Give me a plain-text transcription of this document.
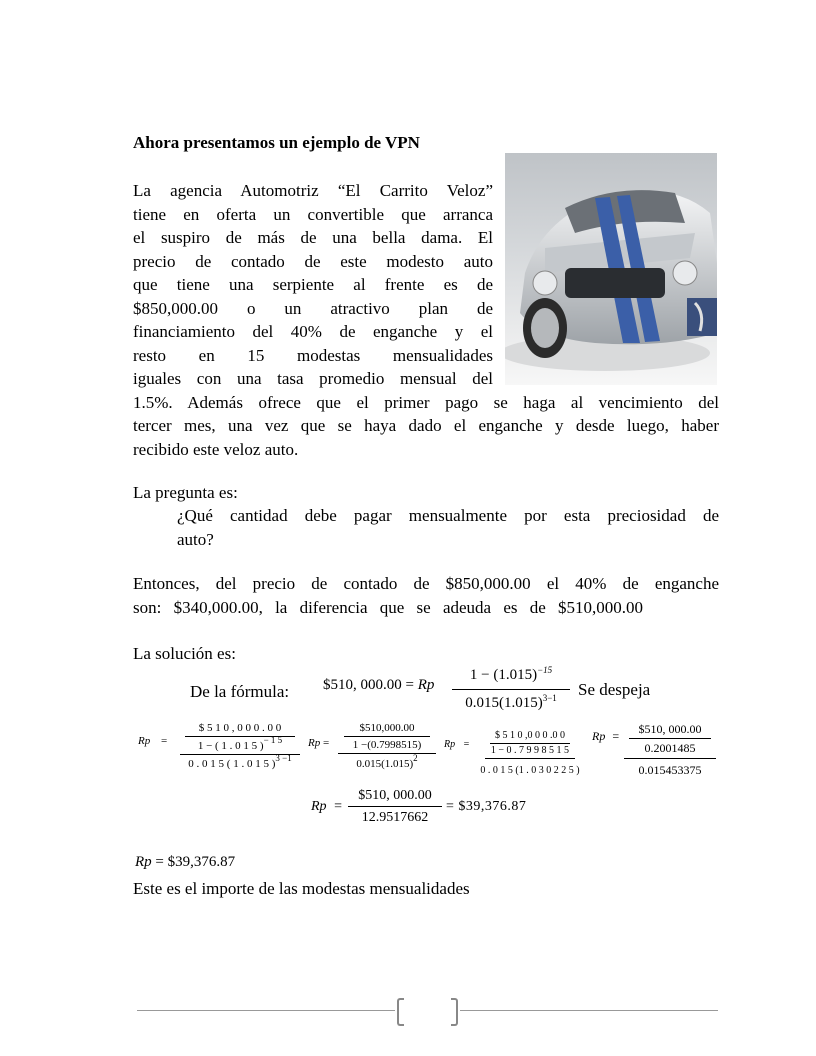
Ahora presentamos un ejemplo de VPN
La agencia Automotriz “El Carrito Veloz”
tiene en oferta un convertible que arranca
el suspiro de más de una bella dama. El
precio de contado de este modesto auto
que tiene una serpiente al frente es de
$850,000.00 o un atractivo plan de
financiamiento del 40% de enganche y el
resto en 15 modestas mensualidades
iguales con una tasa promedio mensual del
1.5%. Además ofrece que el primer pago se haga al vencimiento del
tercer mes, una vez que se haya dado el enganche y desde luego, haber
recibido este veloz auto.
La pregunta es:
¿Qué cantidad debe pagar mensualmente por esta preciosidad de
auto?
Entonces, del precio de contado de $850,000.00 el 40% de enganche
son: $340,000.00, la diferencia que se adeuda es de $510,000.00
La solución es:
De la fórmula: $510, 000.00 = Rp
$1 - (1.015)^{-15}$
$0.015(1.015)^{3-1}$ Se despeja
Rp =
$ 5 1 0 , 0 0 0 . 0 0
1 − ( 1 . 0 1 5 )$^{- 1 5}$
0 . 0 1 5 ( 1 . 0 1 5 )$^{3 -1}$
Rp =
$510,000.00
1 −(0.7998515)
$0.015(1.015)^2$
Rp =
$ 5 1 0 ,0 0 0 .0 0
1 − 0 . 7 9 9 8 5 1 5
0 . 0 1 5 (1 . 0 3 0 2 2 5 )
Rp = $510, 000.00
0.2001485
0.015453375
Rp =
$510, 000.00
12.9517662
= $39,376.87
Rp = $39,376.87
Este es el importe de las modestas mensualidades
